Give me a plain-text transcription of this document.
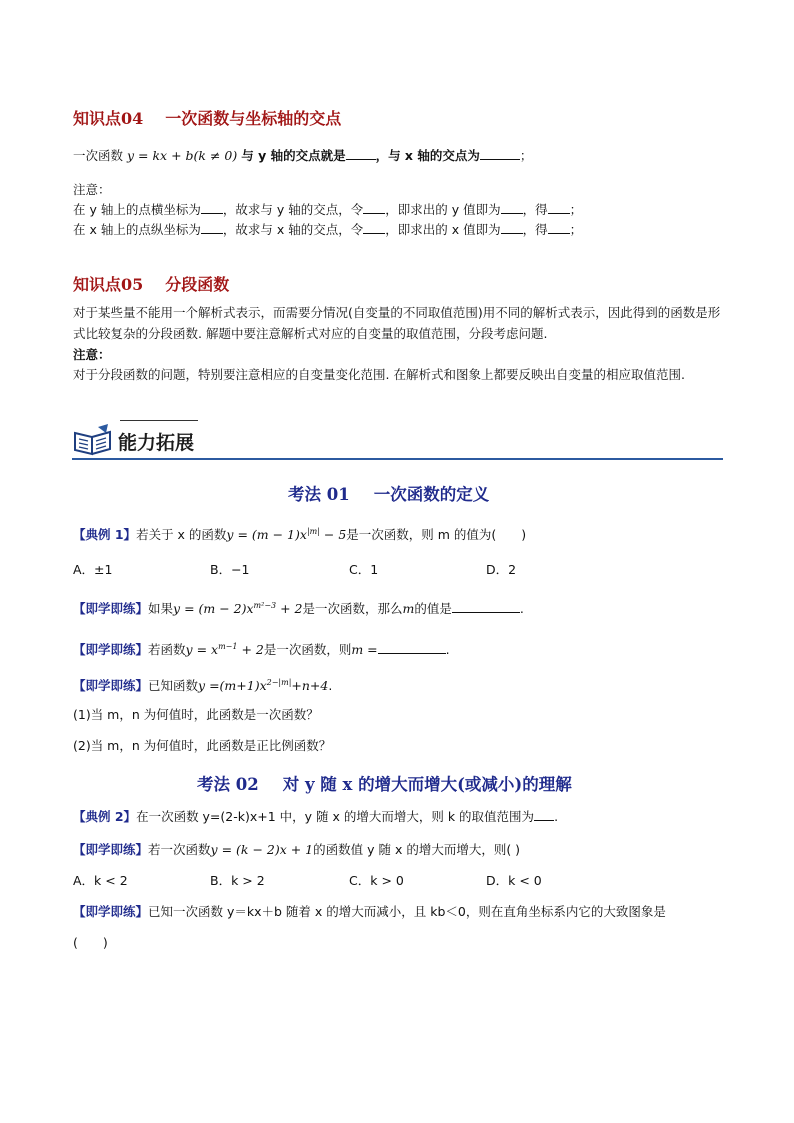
知识点04 一次函数与坐标轴的交点
一次函数 y = kx + b(k ≠ 0) 与 y 轴的交点就是 ，与 x 轴的交点为	；
注意：
在 y 轴上的点横坐标为 ，故求与 y 轴的交点，令 ，即求出的 y 值即为 ，得 ；
在 x 轴上的点纵坐标为 ，故求与 x 轴的交点，令 ，即求出的 x 值即为 ，得 ；
知识点05 分段函数
对于某些量不能用一个解析式表示，而需要分情况(自变量的不同取值范围)用不同的解析式表示，因此得到的函数是形式比较复杂的分段函数. 解题中要注意解析式对应的自变量的取值范围，分段考虑问题.
注意：
对于分段函数的问题，特别要注意相应的自变量变化范围. 在解析式和图象上都要反映出自变量的相应取值范围.
能力拓展
考法 01 一次函数的定义
【典例 1】若关于 x 的函数$y = (m - 1)x^{|m|} - 5$是一次函数，则 m 的值为(　　)
A．±1	B．−1	C．1	D．2
【即学即练】如果$y = (m - 2)x^{m^2-3} + 2$是一次函数，那么m的值是	.
【即学即练】若函数$y = x^{m-1} + 2$是一次函数，则m =	.
【即学即练】已知函数$y =(m+1)x^{2-|m|}+n+4$.
(1)当 m，n 为何值时，此函数是一次函数？
(2)当 m，n 为何值时，此函数是正比例函数？
考法 02 对 y 随 x 的增大而增大(或减小)的理解
【典例 2】在一次函数 y=(2-k)x+1 中，y 随 x 的增大而增大，则 k 的取值范围为 .
【即学即练】若一次函数y = (k − 2)x + 1的函数值 y 随 x 的增大而增大，则( )
A．k < 2	B．k > 2	C．k > 0	D．k < 0
【即学即练】已知一次函数 y＝kx＋b 随着 x 的增大而减小，且 kb＜0，则在直角坐标系内它的大致图象是
(　　)
